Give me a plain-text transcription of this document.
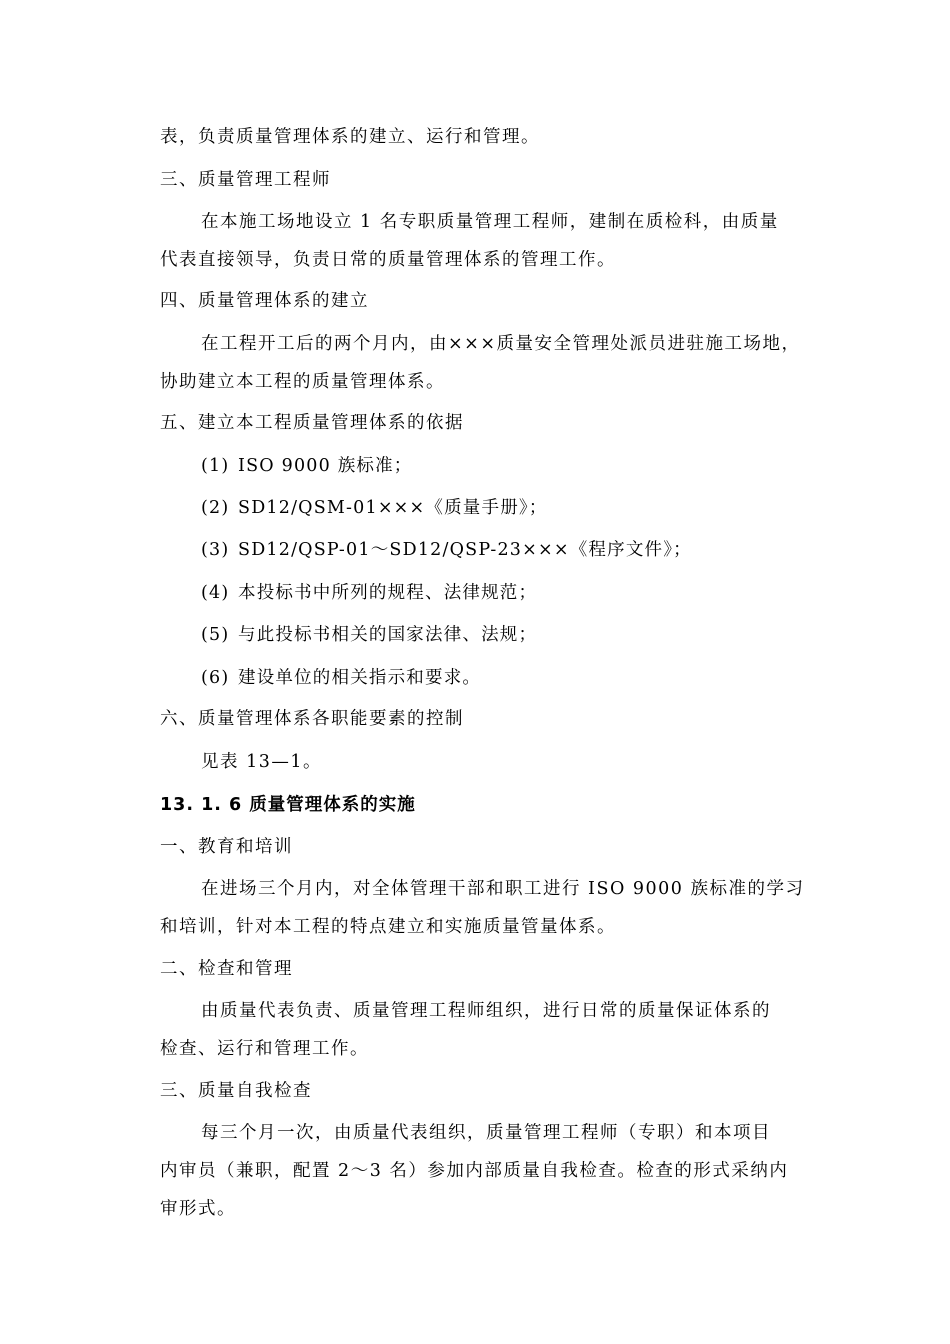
表，负责质量管理体系的建立、运行和管理。
三、质量管理工程师
在本施工场地设立 1 名专职质量管理工程师，建制在质检科，由质量
代表直接领导，负责日常的质量管理体系的管理工作。
四、质量管理体系的建立
在工程开工后的两个月内，由×××质量安全管理处派员进驻施工场地，
协助建立本工程的质量管理体系。
五、建立本工程质量管理体系的依据
(1) ISO 9000 族标准；
(2) SD12/QSM-01×××《质量手册》；
(3) SD12/QSP-01～SD12/QSP-23×××《程序文件》；
(4) 本投标书中所列的规程、法律规范；
(5) 与此投标书相关的国家法律、法规；
(6) 建设单位的相关指示和要求。
六、质量管理体系各职能要素的控制
见表 13—1。
13. 1. 6 质量管理体系的实施
一、教育和培训
在进场三个月内，对全体管理干部和职工进行 ISO 9000 族标准的学习
和培训，针对本工程的特点建立和实施质量管量体系。
二、检查和管理
由质量代表负责、质量管理工程师组织，进行日常的质量保证体系的
检查、运行和管理工作。
三、质量自我检查
每三个月一次，由质量代表组织，质量管理工程师（专职）和本项目
内审员（兼职，配置 2～3 名）参加内部质量自我检查。检查的形式采纳内
审形式。
